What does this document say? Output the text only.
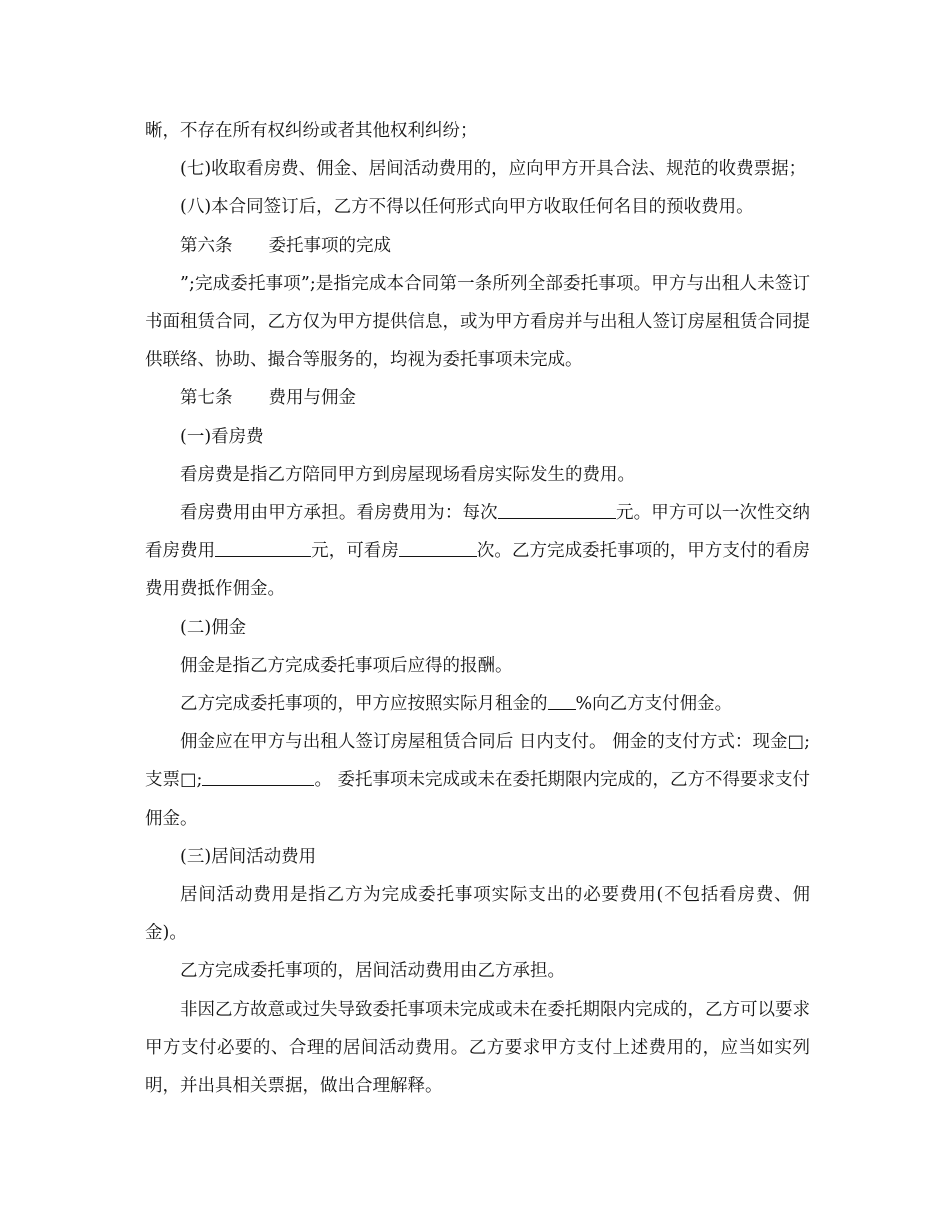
晰，不存在所有权纠纷或者其他权利纠纷；

(七)收取看房费、佣金、居间活动费用的，应向甲方开具合法、规范的收费票据；

(八)本合同签订后，乙方不得以任何形式向甲方收取任何名目的预收费用。

第六条 委托事项的完成

”;完成委托事项”;是指完成本合同第一条所列全部委托事项。甲方与出租人未签订书面租赁合同，乙方仅为甲方提供信息，或为甲方看房并与出租人签订房屋租赁合同提供联络、协助、撮合等服务的，均视为委托事项未完成。

第七条 费用与佣金

(一)看房费

看房费是指乙方陪同甲方到房屋现场看房实际发生的费用。

看房费用由甲方承担。看房费用为：每次	元。甲方可以一次性交纳看房费用	元，可看房	次。乙方完成委托事项的，甲方支付的看房费用费抵作佣金。

(二)佣金

佣金是指乙方完成委托事项后应得的报酬。

乙方完成委托事项的，甲方应按照实际月租金的 %向乙方支付佣金。

佣金应在甲方与出租人签订房屋租赁合同后 日内支付。 佣金的支付方式：现金□;支票□;	。 委托事项未完成或未在委托期限内完成的，乙方不得要求支付佣金。

(三)居间活动费用

居间活动费用是指乙方为完成委托事项实际支出的必要费用(不包括看房费、佣金)。

乙方完成委托事项的，居间活动费用由乙方承担。

非因乙方故意或过失导致委托事项未完成或未在委托期限内完成的，乙方可以要求甲方支付必要的、合理的居间活动费用。乙方要求甲方支付上述费用的，应当如实列明，并出具相关票据，做出合理解释。
